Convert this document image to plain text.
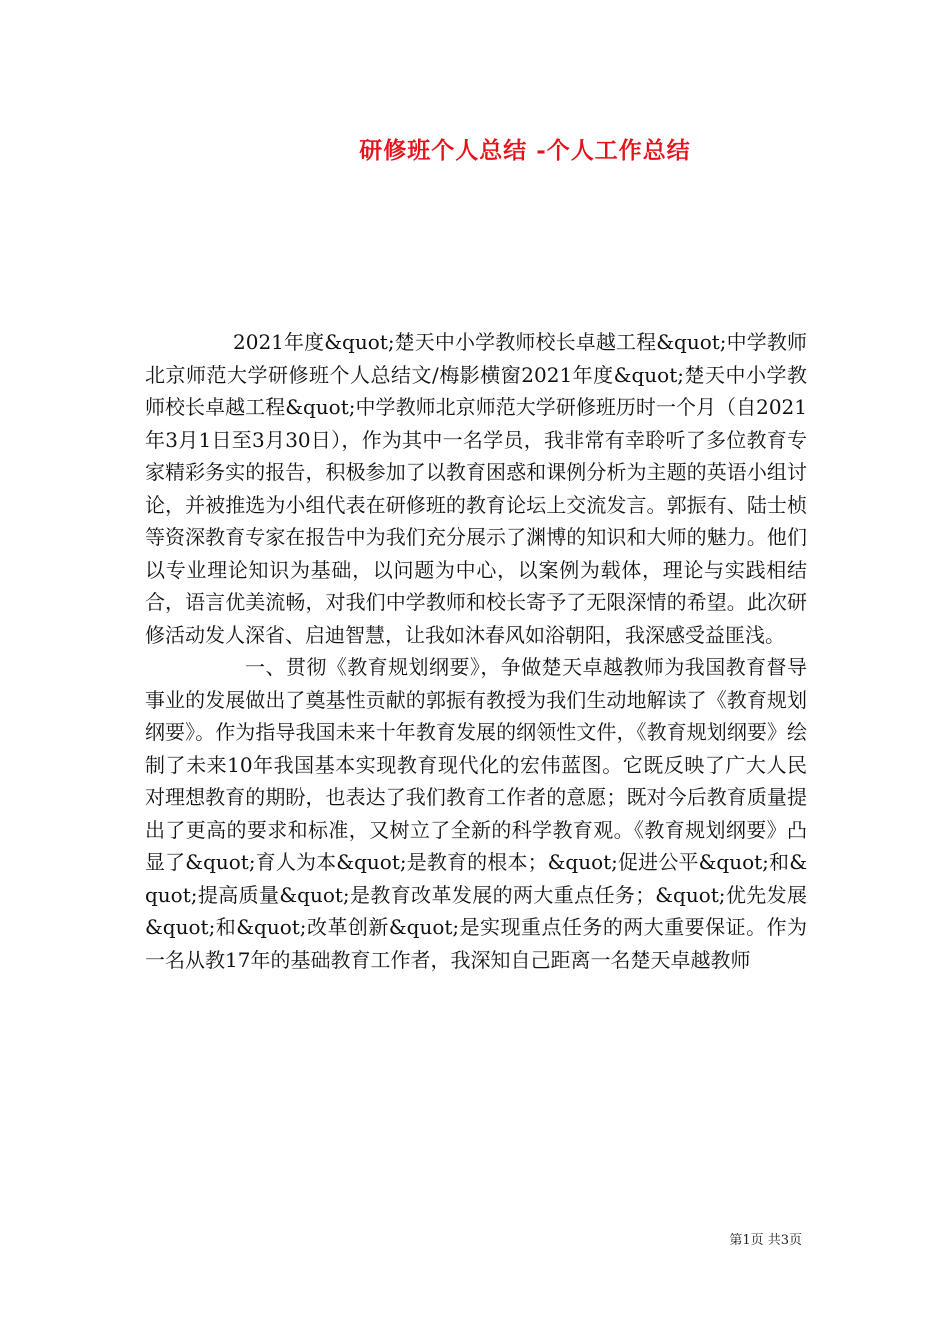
研修班个人总结 -个人工作总结

2021年度&quot;楚天中小学教师校长卓越工程&quot;中学教师北京师范大学研修班个人总结文/梅影横窗2021年度&quot;楚天中小学教师校长卓越工程&quot;中学教师北京师范大学研修班历时一个月（自2021年3月1日至3月30日），作为其中一名学员，我非常有幸聆听了多位教育专家精彩务实的报告，积极参加了以教育困惑和课例分析为主题的英语小组讨论，并被推选为小组代表在研修班的教育论坛上交流发言。郭振有、陆士桢等资深教育专家在报告中为我们充分展示了渊博的知识和大师的魅力。他们以专业理论知识为基础，以问题为中心，以案例为载体，理论与实践相结合，语言优美流畅，对我们中学教师和校长寄予了无限深情的希望。此次研修活动发人深省、启迪智慧，让我如沐春风如浴朝阳，我深感受益匪浅。

一、贯彻《教育规划纲要》，争做楚天卓越教师为我国教育督导事业的发展做出了奠基性贡献的郭振有教授为我们生动地解读了《教育规划纲要》。作为指导我国未来十年教育发展的纲领性文件，《教育规划纲要》绘制了未来10年我国基本实现教育现代化的宏伟蓝图。它既反映了广大人民对理想教育的期盼，也表达了我们教育工作者的意愿；既对今后教育质量提出了更高的要求和标准，又树立了全新的科学教育观。《教育规划纲要》凸显了&quot;育人为本&quot;是教育的根本；&quot;促进公平&quot;和&quot;提高质量&quot;是教育改革发展的两大重点任务；&quot;优先发展&quot;和&quot;改革创新&quot;是实现重点任务的两大重要保证。作为一名从教17年的基础教育工作者，我深知自己距离一名楚天卓越教师

第1页 共3页
